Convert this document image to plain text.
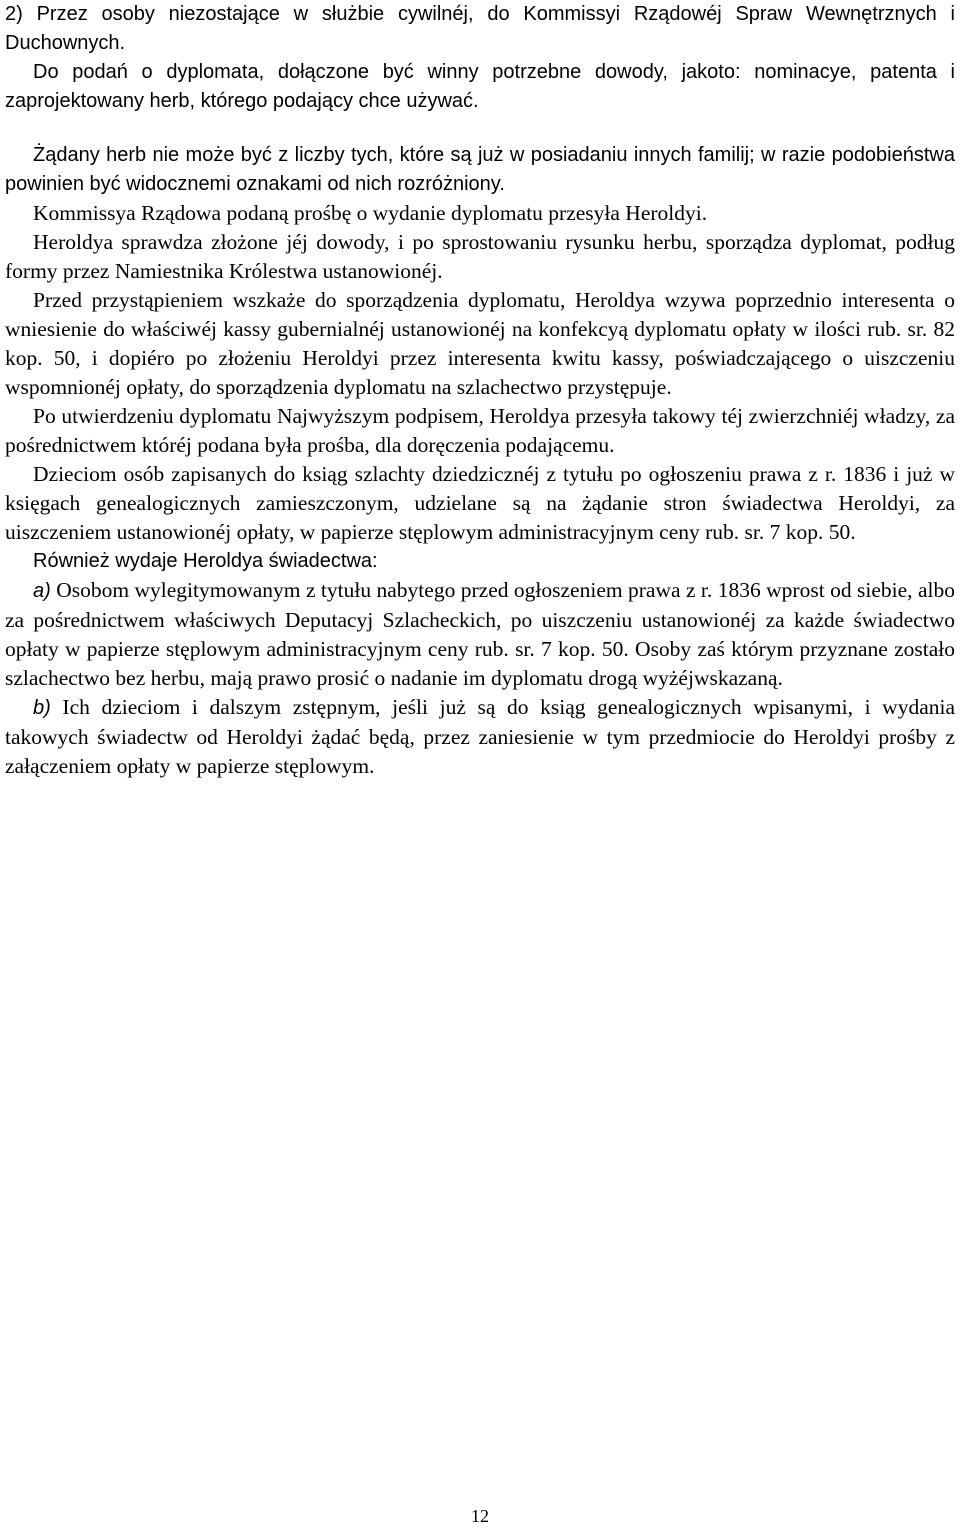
2) Przez osoby niezostające w służbie cywilnéj, do Kommissyi Rządowéj Spraw Wewnętrznych i Duchownych.

Do podań o dyplomata, dołączone być winny potrzebne dowody, jakoto: nominacye, patenta i zaprojektowany herb, którego podający chce używać.

Żądany herb nie może być z liczby tych, które są już w posiadaniu innych familij; w razie podobieństwa powinien być widocznemi oznakami od nich rozróżniony.

Kommissya Rządowa podaną prośbę o wydanie dyplomatu przesyła Heroldyi.

Heroldya sprawdza złożone jéj dowody, i po sprostowaniu rysunku herbu, sporządza dyplomat, podług formy przez Namiestnika Królestwa ustanowionéj.

Przed przystąpieniem wszkaże do sporządzenia dyplomatu, Heroldya wzywa poprzednio interesenta o wniesienie do właściwéj kassy gubernialnéj ustanowionéj na konfekcyą dyplomatu opłaty w ilości rub. sr. 82 kop. 50, i dopiéro po złożeniu Heroldyi przez interesenta kwitu kassy, poświadczającego o uiszczeniu wspomnionéj opłaty, do sporządzenia dyplomatu na szlachectwo przystępuje.

Po utwierdzeniu dyplomatu Najwyższym podpisem, Heroldya przesyła takowy téj zwierzchniéj władzy, za pośrednictwem któréj podana była prośba, dla doręczenia podającemu.

Dzieciom osób zapisanych do ksiąg szlachty dziedzicznéj z tytułu po ogłoszeniu prawa z r. 1836 i już w księgach genealogicznych zamieszczonym, udzielane są na żądanie stron świadectwa Heroldyi, za uiszczeniem ustanowionéj opłaty, w papierze stęplowym administracyjnym ceny rub. sr. 7 kop. 50.

Również wydaje Heroldya świadectwa:

a) Osobom wylegitymowanym z tytułu nabytego przed ogłoszeniem prawa z r. 1836 wprost od siebie, albo za pośrednictwem właściwych Deputacyj Szlacheckich, po uiszczeniu ustanowionéj za każde świadectwo opłaty w papierze stęplowym administracyjnym ceny rub. sr. 7 kop. 50. Osoby zaś którym przyznane zostało szlachectwo bez herbu, mają prawo prosić o nadanie im dyplomatu drogą wyżéjwskazaną.

b) Ich dzieciom i dalszym zstępnym, jeśli już są do ksiąg genealogicznych wpisanymi, i wydania takowych świadectw od Heroldyi żądać będą, przez zaniesienie w tym przedmiocie do Heroldyi prośby z załączeniem opłaty w papierze stęplowym.

12
